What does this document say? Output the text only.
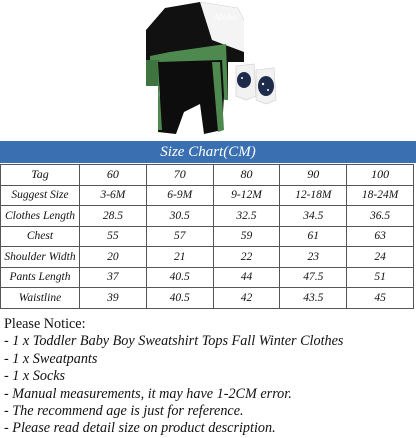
Aloha
Size Chart(CM)
Tag	60	70	80	90	100
Suggest Size	3-6M	6-9M	9-12M	12-18M	18-24M
Clothes Length	28.5	30.5	32.5	34.5	36.5
Chest	55	57	59	61	63
Shoulder Width	20	21	22	23	24
Pants Length	37	40.5	44	47.5	51
Waistline	39	40.5	42	43.5	45
Please Notice:
- 1 x Toddler Baby Boy Sweatshirt Tops Fall Winter Clothes
- 1 x Sweatpants
- 1 x Socks
- Manual measurements, it may have 1-2CM error.
- The recommend age is just for reference.
- Please read detail size on product description.
